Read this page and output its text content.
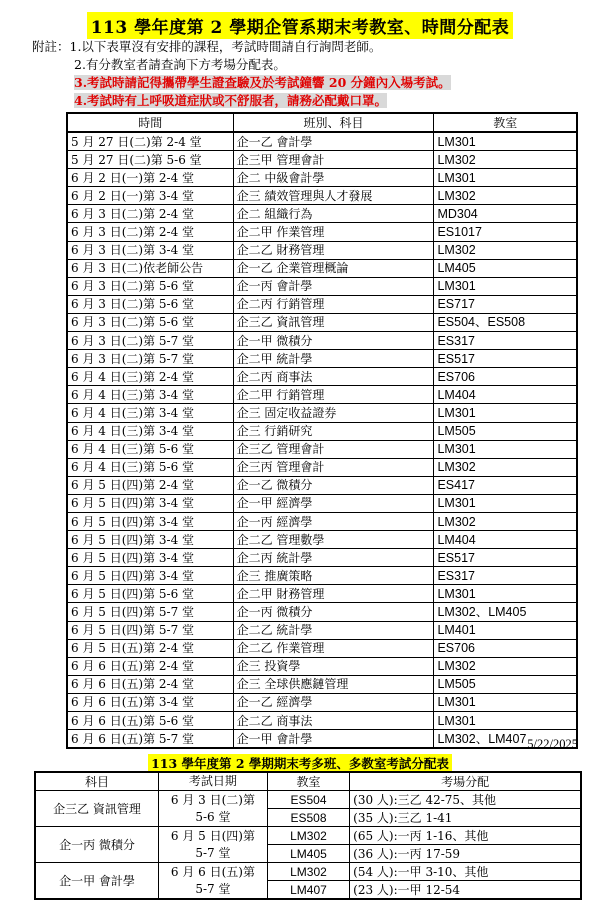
113 學年度第 2 學期企管系期末考教室、時間分配表
附註：1.以下表單沒有安排的課程，考試時間請自行詢問老師。
2.有分教室者請查詢下方考場分配表。
3.考試時請記得攜帶學生證查驗及於考試鐘響 20 分鐘內入場考試。
4.考試時有上呼吸道症狀或不舒服者，請務必配戴口罩。
時間	班別、科目	教室
5 月 27 日(二)第 2-4 堂	企一乙 會計學	LM301
5 月 27 日(二)第 5-6 堂	企三甲 管理會計	LM302
6 月 2 日(一)第 2-4 堂	企二 中級會計學	LM301
6 月 2 日(一)第 3-4 堂	企三 績效管理與人才發展	LM302
6 月 3 日(二)第 2-4 堂	企二 組織行為	MD304
6 月 3 日(二)第 2-4 堂	企二甲 作業管理	ES1017
6 月 3 日(二)第 3-4 堂	企二乙 財務管理	LM302
6 月 3 日(二)依老師公告	企一乙 企業管理概論	LM405
6 月 3 日(二)第 5-6 堂	企一丙 會計學	LM301
6 月 3 日(二)第 5-6 堂	企二丙 行銷管理	ES717
6 月 3 日(二)第 5-6 堂	企三乙 資訊管理	ES504、ES508
6 月 3 日(二)第 5-7 堂	企一甲 微積分	ES317
6 月 3 日(二)第 5-7 堂	企二甲 統計學	ES517
6 月 4 日(三)第 2-4 堂	企二丙 商事法	ES706
6 月 4 日(三)第 3-4 堂	企二甲 行銷管理	LM404
6 月 4 日(三)第 3-4 堂	企三 固定收益證券	LM301
6 月 4 日(三)第 3-4 堂	企三 行銷研究	LM505
6 月 4 日(三)第 5-6 堂	企三乙 管理會計	LM301
6 月 4 日(三)第 5-6 堂	企三丙 管理會計	LM302
6 月 5 日(四)第 2-4 堂	企一乙 微積分	ES417
6 月 5 日(四)第 3-4 堂	企一甲 經濟學	LM301
6 月 5 日(四)第 3-4 堂	企一丙 經濟學	LM302
6 月 5 日(四)第 3-4 堂	企二乙 管理數學	LM404
6 月 5 日(四)第 3-4 堂	企二丙 統計學	ES517
6 月 5 日(四)第 3-4 堂	企三 推廣策略	ES317
6 月 5 日(四)第 5-6 堂	企二甲 財務管理	LM301
6 月 5 日(四)第 5-7 堂	企一丙 微積分	LM302、LM405
6 月 5 日(四)第 5-7 堂	企二乙 統計學	LM401
6 月 5 日(五)第 2-4 堂	企二乙 作業管理	ES706
6 月 6 日(五)第 2-4 堂	企三 投資學	LM302
6 月 6 日(五)第 2-4 堂	企三 全球供應鏈管理	LM505
6 月 6 日(五)第 3-4 堂	企一乙 經濟學	LM301
6 月 6 日(五)第 5-6 堂	企二乙 商事法	LM301
6 月 6 日(五)第 5-7 堂	企一甲 會計學	LM302、LM407 5/22/2025
113 學年度第 2 學期期末考多班、多教室考試分配表
科目	考試日期	教室	考場分配
企三乙 資訊管理	6 月 3 日(二)第
5-6 堂	ES504	(30 人):三乙 42-75、其他
		ES508	(35 人):三乙 1-41
企一丙 微積分	6 月 5 日(四)第
5-7 堂	LM302	(65 人):一丙 1-16、其他
		LM405	(36 人):一丙 17-59
企一甲 會計學	6 月 6 日(五)第
5-7 堂	LM302	(54 人):一甲 3-10、其他
		LM407	(23 人):一甲 12-54
